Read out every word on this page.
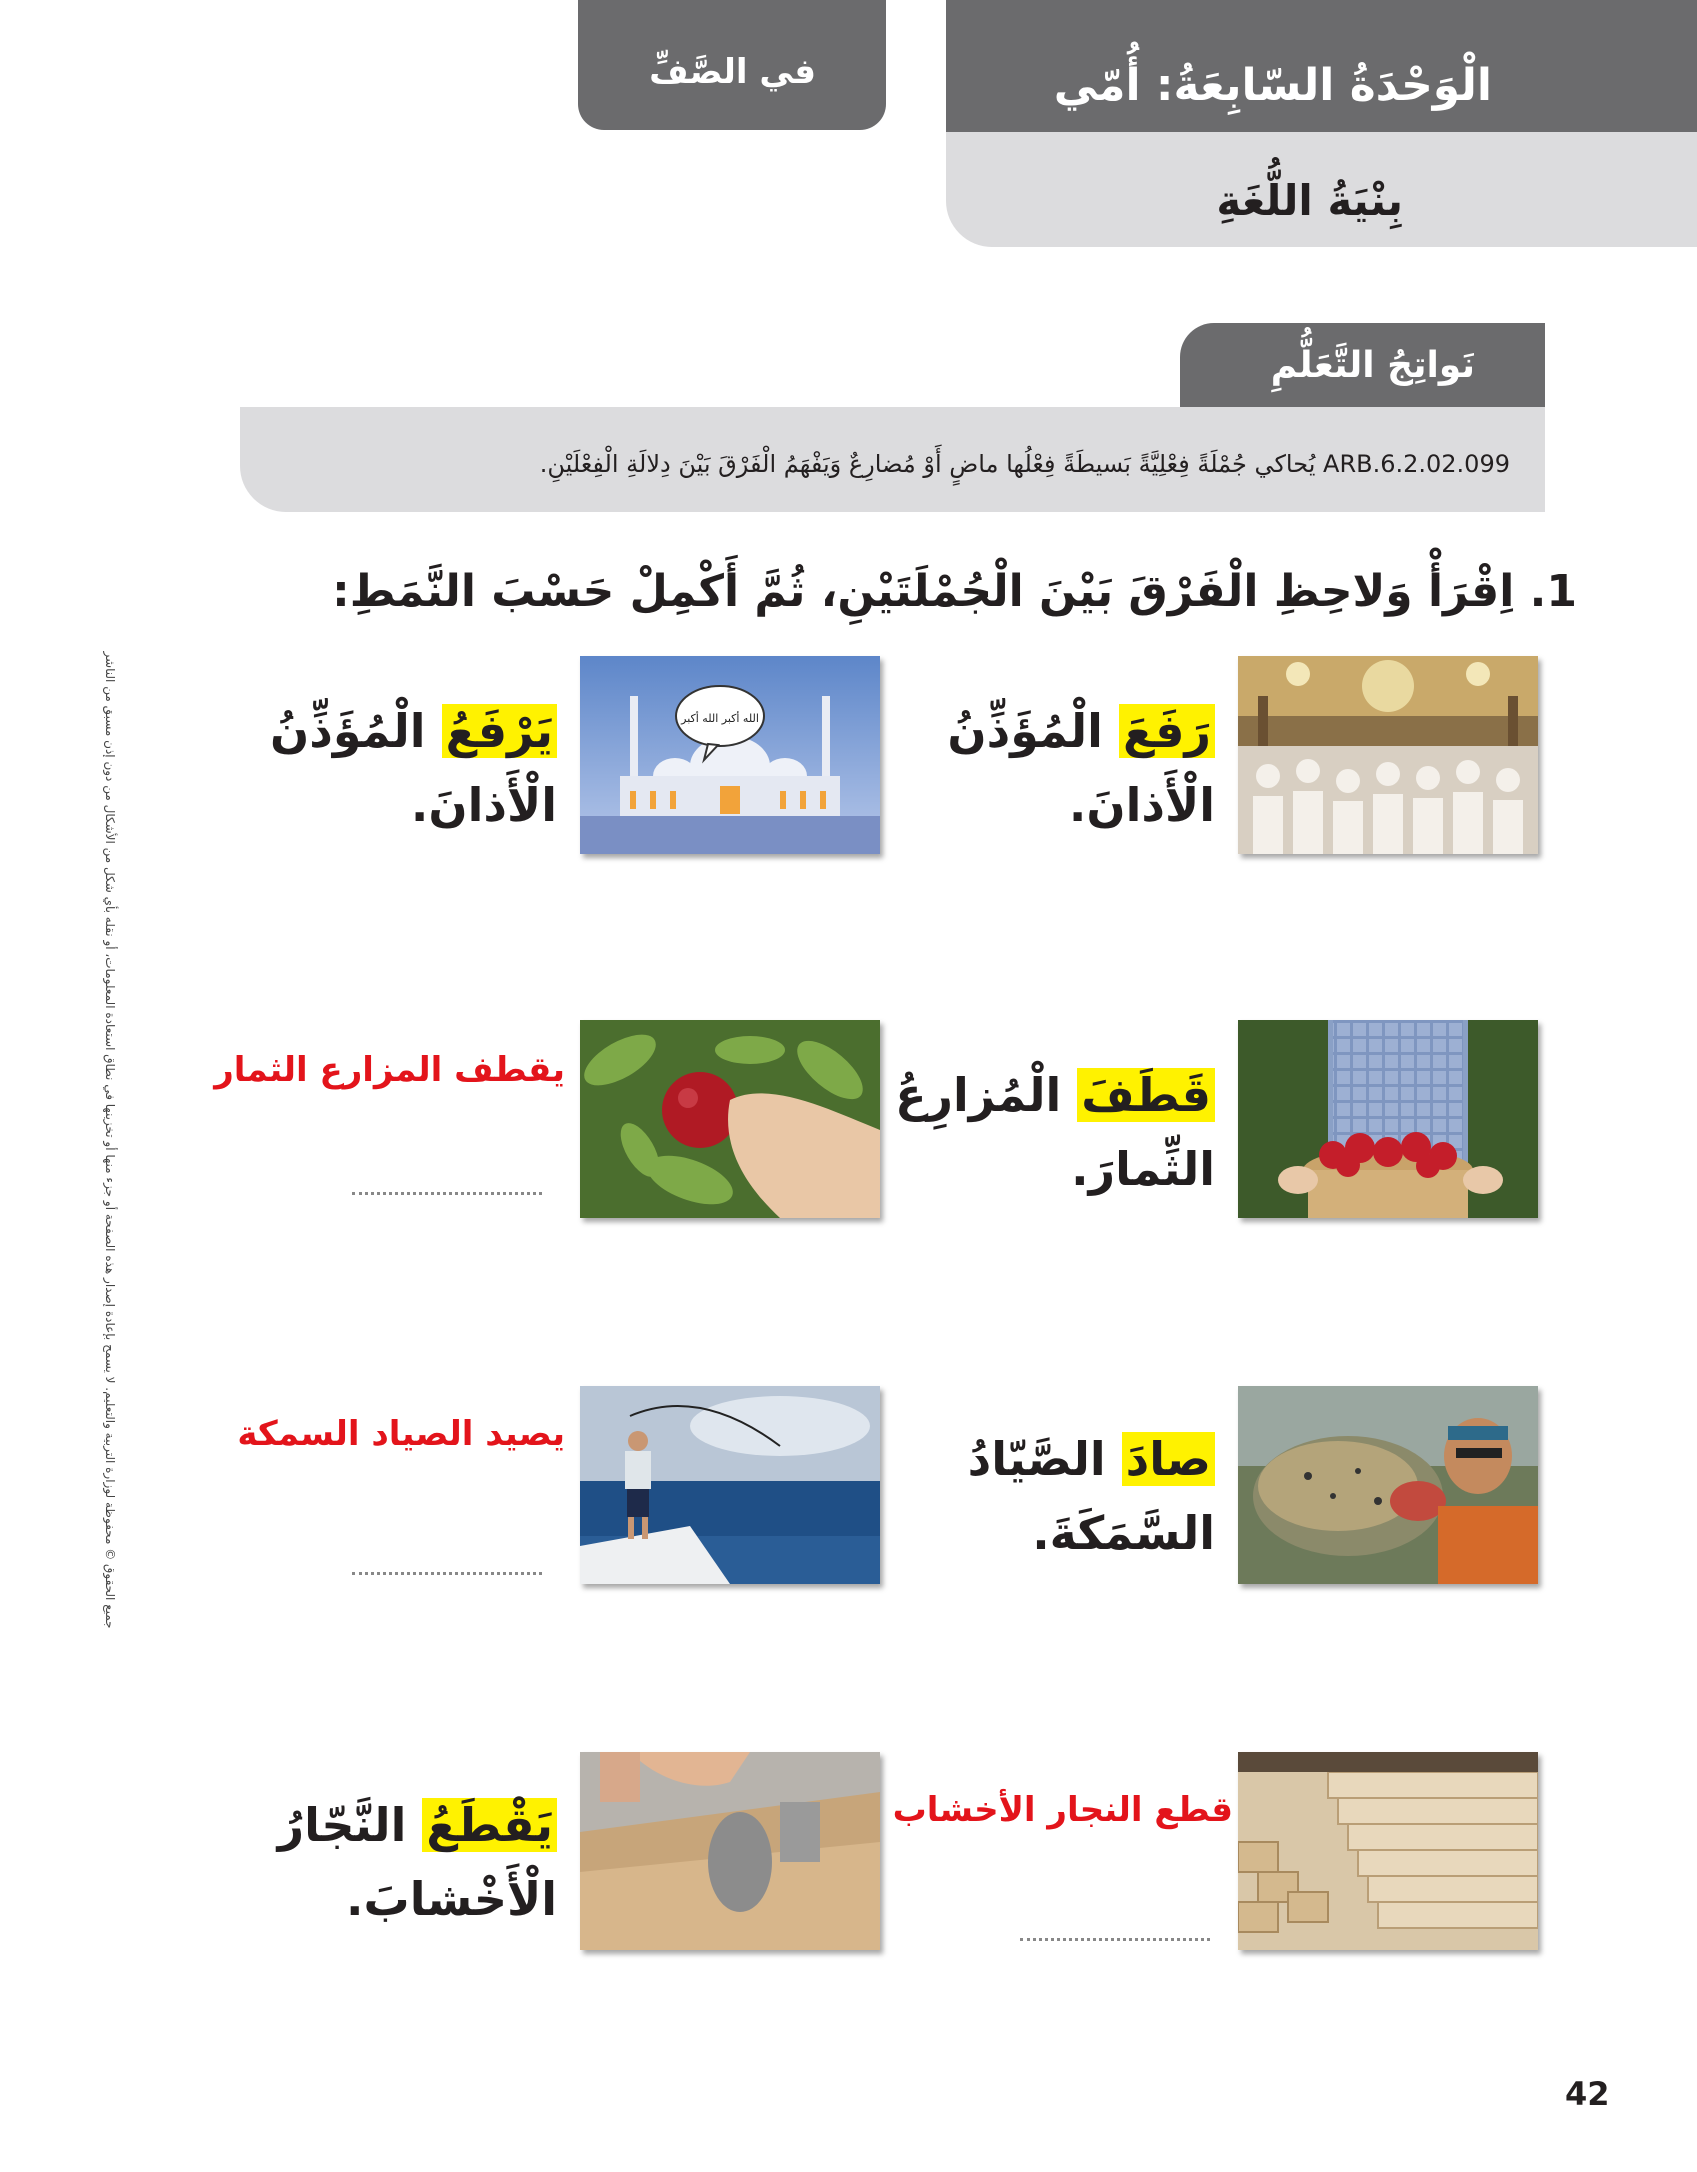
في الصَّفِّ	الْوَحْدَةُ السّابِعَةُ: أُمّي
بِنْيَةُ اللُّغَةِ
نَواتِجُ التَّعَلُّمِ
ARB.6.2.02.099 يُحاكي جُمْلَةً فِعْلِيَّةً بَسيطَةً فِعْلُها ماضٍ أَوْ مُضارِعٌ وَيَفْهَمُ الْفَرْقَ بَيْنَ دِلالَةِ الْفِعْلَيْنِ.
جميع الحقوق © محفوظة لوزارة التربية والتعليم. لا يسمح بإعادة إصدار هذه الصفحة أو جزء منها أو تخزينها في نطاق استعادة المعلومات، أو نقله بأي شكل من الأشكال من دون إذن مسبق من الناشر
1. اِقْرَأْ وَلاحِظِ الْفَرْقَ بَيْنَ الْجُمْلَتَيْنِ، ثُمَّ أَكْمِلْ حَسْبَ النَّمَطِ:
رَفَعَ الْمُؤَذِّنُ
الْأَذانَ.
الله أكبر الله أكبر
يَرْفَعُ الْمُؤَذِّنُ
الْأَذانَ.
قَطَفَ الْمُزارِعُ
الثِّمارَ.
يقطف المزارع الثمار
صادَ الصَّيّادُ
السَّمَكَةَ.
يصيد الصياد السمكة
قطع النجار الأخشاب
يَقْطَعُ النَّجّارُ
الْأَخْشابَ.
42
